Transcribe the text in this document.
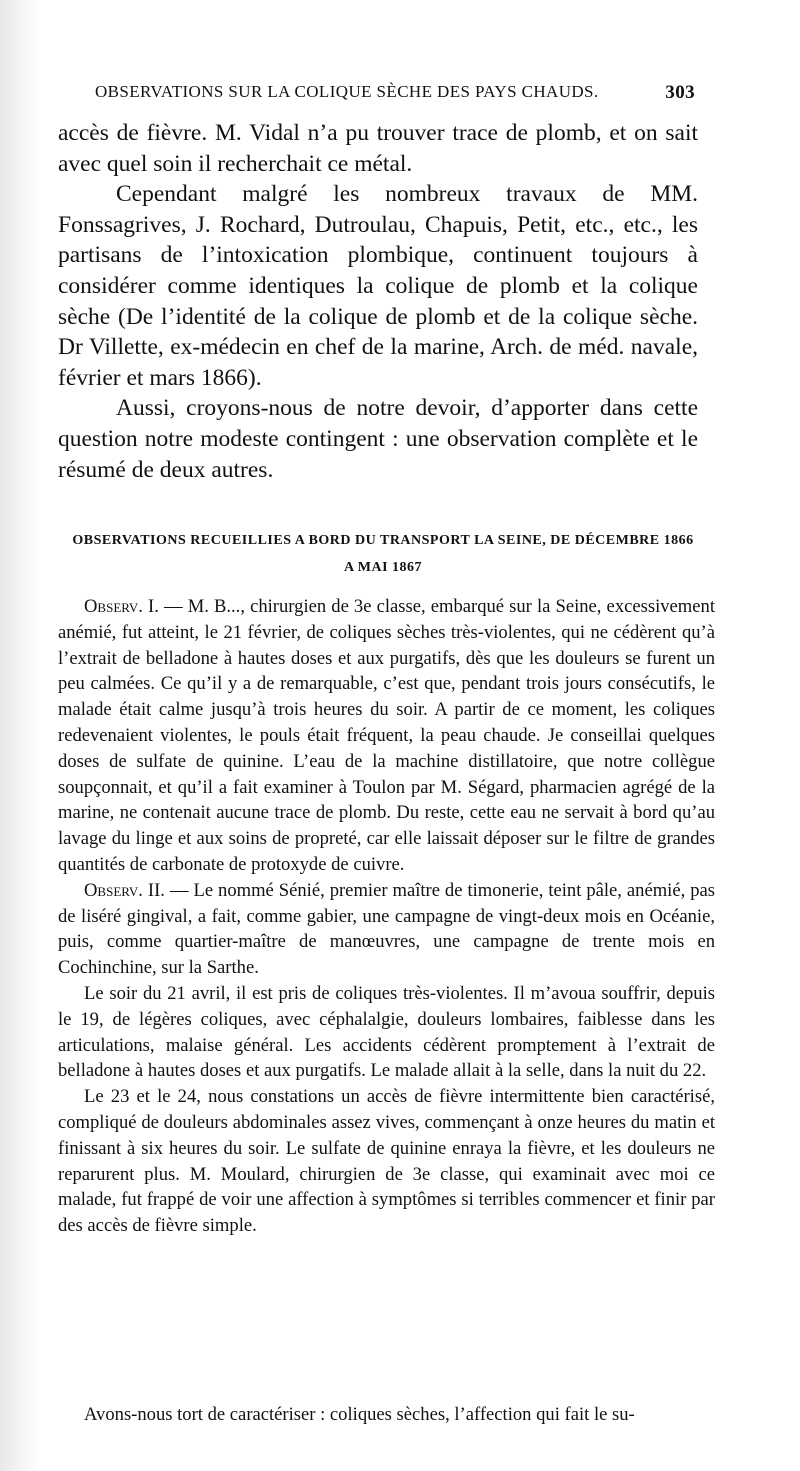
OBSERVATIONS SUR LA COLIQUE SÈCHE DES PAYS CHAUDS.	303

accès de fièvre. M. Vidal n’a pu trouver trace de plomb, et on sait avec quel soin il recherchait ce métal.

Cependant malgré les nombreux travaux de MM. Fonssagrives, J. Rochard, Dutroulau, Chapuis, Petit, etc., etc., les partisans de l’intoxication plombique, continuent toujours à considérer comme identiques la colique de plomb et la colique sèche (De l’identité de la colique de plomb et de la colique sèche. Dr Villette, ex-médecin en chef de la marine, Arch. de méd. navale, février et mars 1866).

Aussi, croyons-nous de notre devoir, d’apporter dans cette question notre modeste contingent : une observation complète et le résumé de deux autres.

OBSERVATIONS RECUEILLIES A BORD DU TRANSPORT LA SEINE, DE DÉCEMBRE 1866
A MAI 1867

Observ. I. — M. B..., chirurgien de 3e classe, embarqué sur la Seine, excessivement anémié, fut atteint, le 21 février, de coliques sèches très-violentes, qui ne cédèrent qu’à l’extrait de belladone à hautes doses et aux purgatifs, dès que les douleurs se furent un peu calmées. Ce qu’il y a de remarquable, c’est que, pendant trois jours consécutifs, le malade était calme jusqu’à trois heures du soir. A partir de ce moment, les coliques redevenaient violentes, le pouls était fréquent, la peau chaude. Je conseillai quelques doses de sulfate de quinine. L’eau de la machine distillatoire, que notre collègue soupçonnait, et qu’il a fait examiner à Toulon par M. Ségard, pharmacien agrégé de la marine, ne contenait aucune trace de plomb. Du reste, cette eau ne servait à bord qu’au lavage du linge et aux soins de propreté, car elle laissait déposer sur le filtre de grandes quantités de carbonate de protoxyde de cuivre.

Observ. II. — Le nommé Sénié, premier maître de timonerie, teint pâle, anémié, pas de liséré gingival, a fait, comme gabier, une campagne de vingt-deux mois en Océanie, puis, comme quartier-maître de manœuvres, une campagne de trente mois en Cochinchine, sur la Sarthe.

Le soir du 21 avril, il est pris de coliques très-violentes. Il m’avoua souffrir, depuis le 19, de légères coliques, avec céphalalgie, douleurs lombaires, faiblesse dans les articulations, malaise général. Les accidents cédèrent promptement à l’extrait de belladone à hautes doses et aux purgatifs. Le malade allait à la selle, dans la nuit du 22.

Le 23 et le 24, nous constations un accès de fièvre intermittente bien caractérisé, compliqué de douleurs abdominales assez vives, commençant à onze heures du matin et finissant à six heures du soir. Le sulfate de quinine enraya la fièvre, et les douleurs ne reparurent plus. M. Moulard, chirurgien de 3e classe, qui examinait avec moi ce malade, fut frappé de voir une affection à symptômes si terribles commencer et finir par des accès de fièvre simple.

Avons-nous tort de caractériser : coliques sèches, l’affection qui fait le su-
